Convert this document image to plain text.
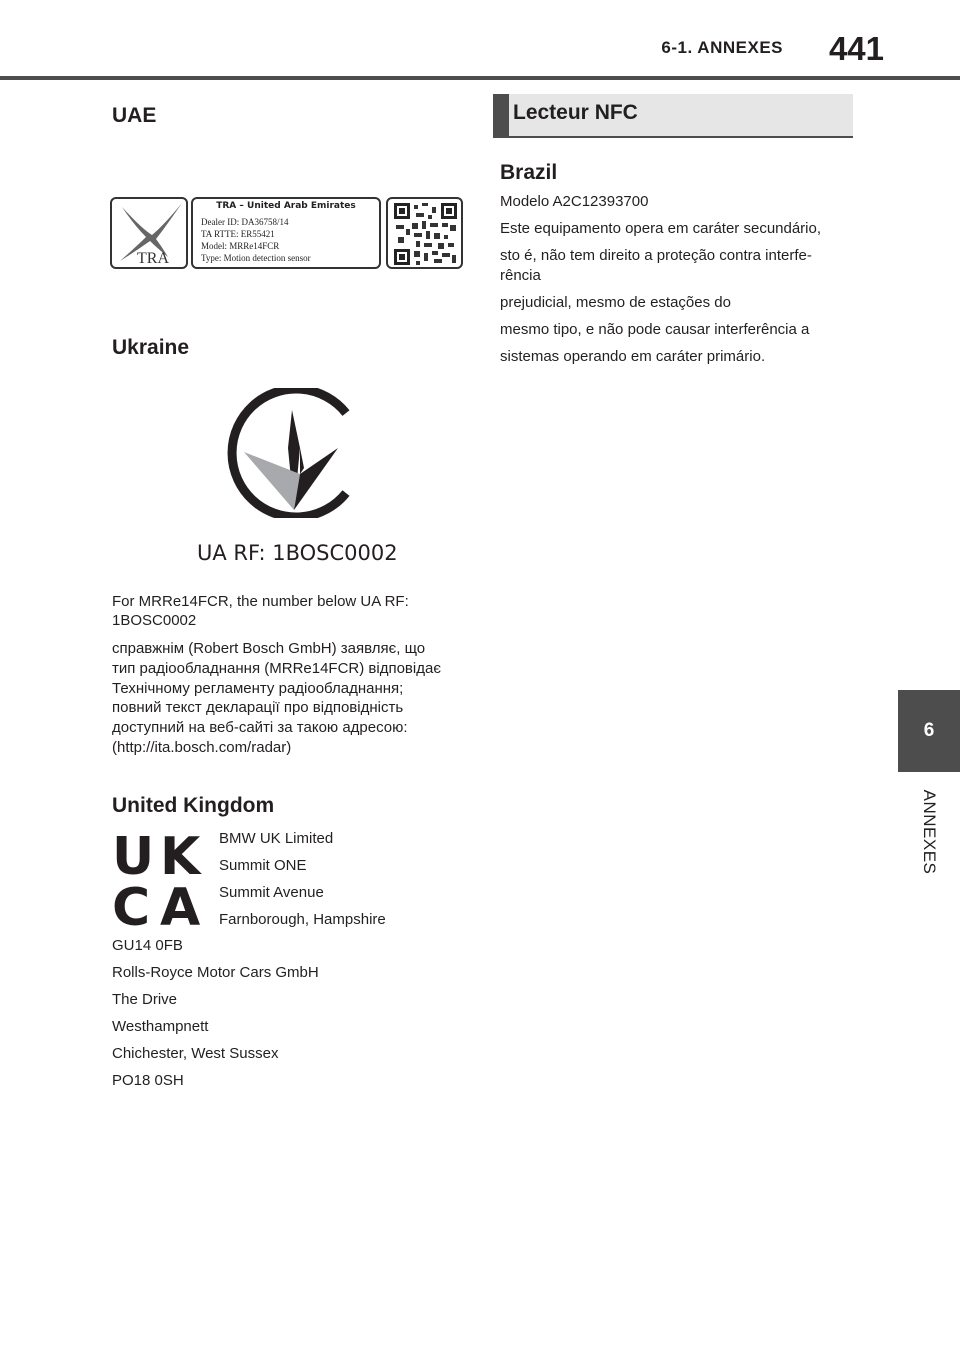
6-1. ANNEXES 441
6
ANNEXES
UAE
TRA
TRA – United Arab Emirates
Dealer ID: DA36758/14
TA RTTE: ER55421
Model: MRRe14FCR
Type: Motion detection sensor
Ukraine
UA RF: 1BOSC0002
For MRRe14FCR, the number below UA RF:
1BOSC0002
справжнім (Robert Bosch GmbH) заявляє, що
тип радіообладнання (MRRe14FCR) відповідає
Технічному регламенту радіообладнання;
повний текст декларації про відповідність
доступний на веб-сайті за такою адресою:
(http://ita.bosch.com/radar)
United Kingdom
U K
C A
BMW UK Limited
Summit ONE
Summit Avenue
Farnborough, Hampshire
GU14 0FB
Rolls-Royce Motor Cars GmbH
The Drive
Westhampnett
Chichester, West Sussex
PO18 0SH
Lecteur NFC
Brazil
Modelo A2C12393700
Este equipamento opera em caráter secundário,
sto é, não tem direito a proteção contra interfe-
rência
prejudicial, mesmo de estações do
mesmo tipo, e não pode causar interferência a
sistemas operando em caráter primário.
